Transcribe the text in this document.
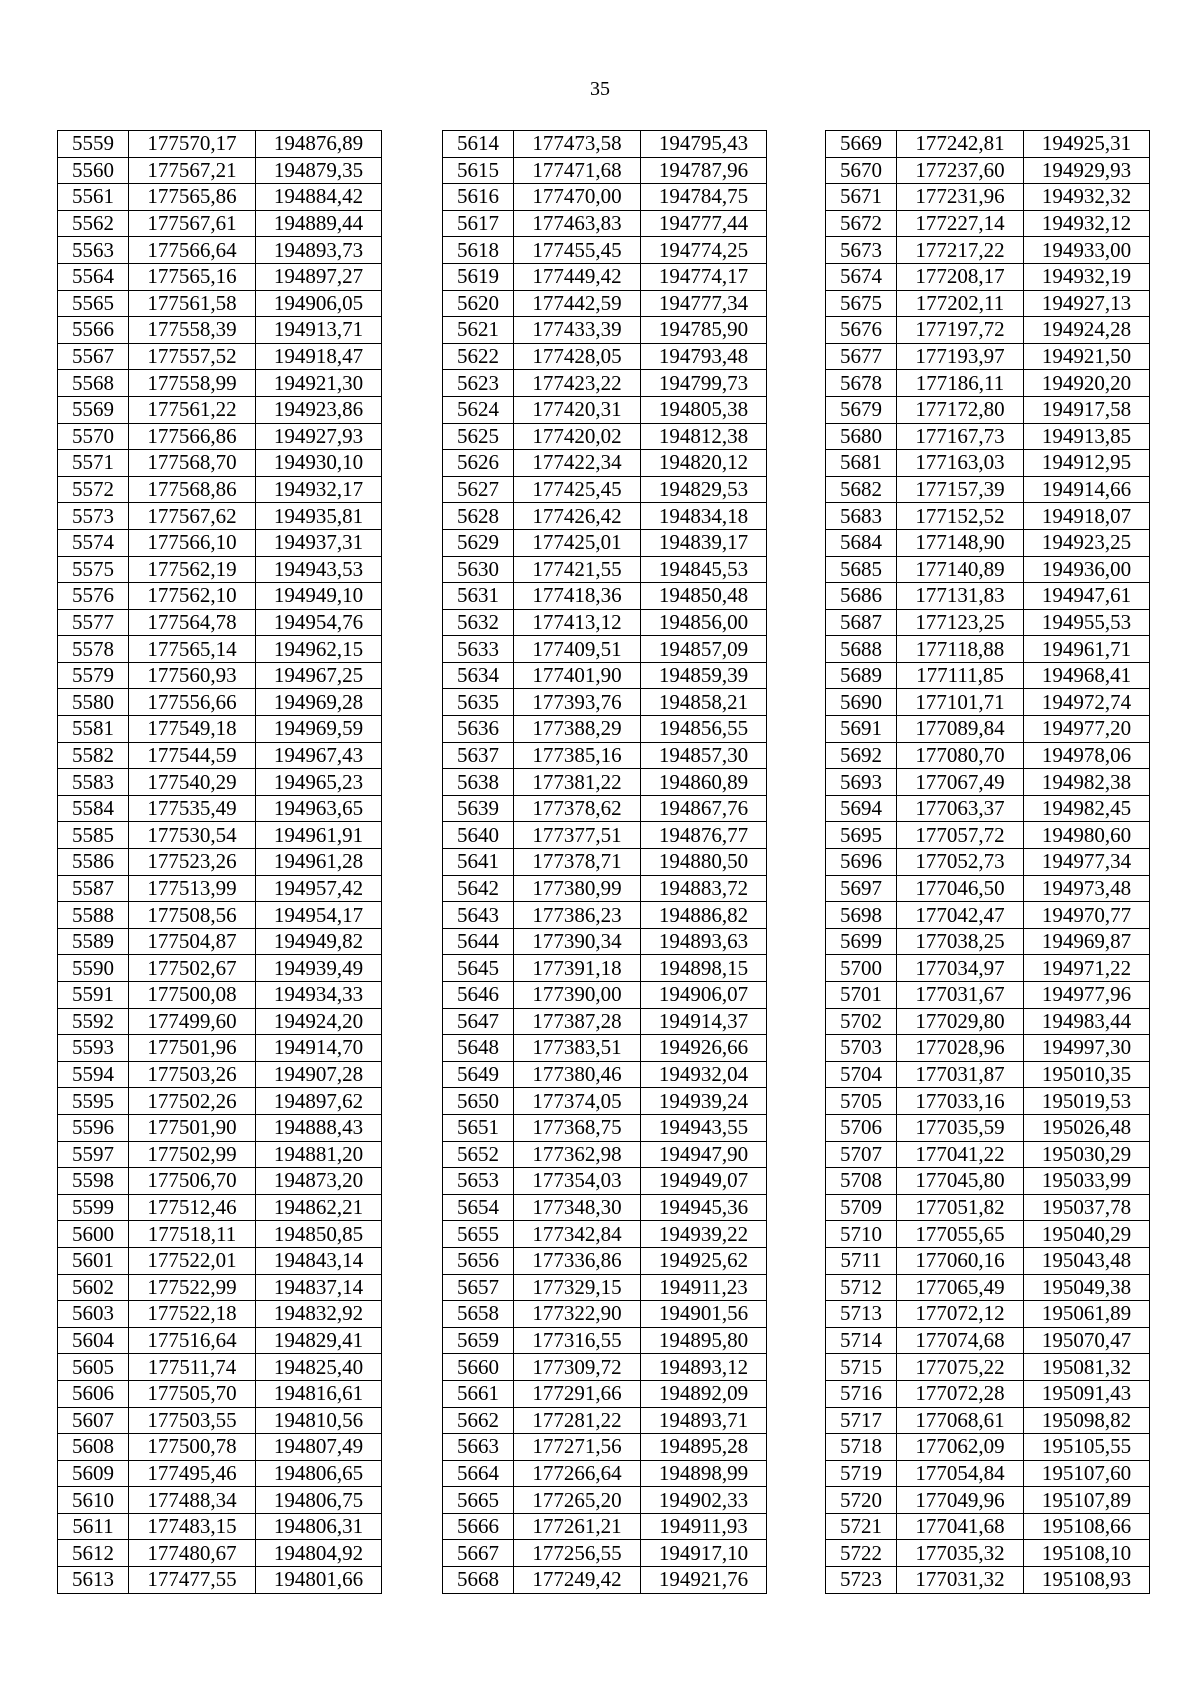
35
5559	177570,17	194876,89
5560	177567,21	194879,35
5561	177565,86	194884,42
5562	177567,61	194889,44
5563	177566,64	194893,73
5564	177565,16	194897,27
5565	177561,58	194906,05
5566	177558,39	194913,71
5567	177557,52	194918,47
5568	177558,99	194921,30
5569	177561,22	194923,86
5570	177566,86	194927,93
5571	177568,70	194930,10
5572	177568,86	194932,17
5573	177567,62	194935,81
5574	177566,10	194937,31
5575	177562,19	194943,53
5576	177562,10	194949,10
5577	177564,78	194954,76
5578	177565,14	194962,15
5579	177560,93	194967,25
5580	177556,66	194969,28
5581	177549,18	194969,59
5582	177544,59	194967,43
5583	177540,29	194965,23
5584	177535,49	194963,65
5585	177530,54	194961,91
5586	177523,26	194961,28
5587	177513,99	194957,42
5588	177508,56	194954,17
5589	177504,87	194949,82
5590	177502,67	194939,49
5591	177500,08	194934,33
5592	177499,60	194924,20
5593	177501,96	194914,70
5594	177503,26	194907,28
5595	177502,26	194897,62
5596	177501,90	194888,43
5597	177502,99	194881,20
5598	177506,70	194873,20
5599	177512,46	194862,21
5600	177518,11	194850,85
5601	177522,01	194843,14
5602	177522,99	194837,14
5603	177522,18	194832,92
5604	177516,64	194829,41
5605	177511,74	194825,40
5606	177505,70	194816,61
5607	177503,55	194810,56
5608	177500,78	194807,49
5609	177495,46	194806,65
5610	177488,34	194806,75
5611	177483,15	194806,31
5612	177480,67	194804,92
5613	177477,55	194801,66
5614	177473,58	194795,43
5615	177471,68	194787,96
5616	177470,00	194784,75
5617	177463,83	194777,44
5618	177455,45	194774,25
5619	177449,42	194774,17
5620	177442,59	194777,34
5621	177433,39	194785,90
5622	177428,05	194793,48
5623	177423,22	194799,73
5624	177420,31	194805,38
5625	177420,02	194812,38
5626	177422,34	194820,12
5627	177425,45	194829,53
5628	177426,42	194834,18
5629	177425,01	194839,17
5630	177421,55	194845,53
5631	177418,36	194850,48
5632	177413,12	194856,00
5633	177409,51	194857,09
5634	177401,90	194859,39
5635	177393,76	194858,21
5636	177388,29	194856,55
5637	177385,16	194857,30
5638	177381,22	194860,89
5639	177378,62	194867,76
5640	177377,51	194876,77
5641	177378,71	194880,50
5642	177380,99	194883,72
5643	177386,23	194886,82
5644	177390,34	194893,63
5645	177391,18	194898,15
5646	177390,00	194906,07
5647	177387,28	194914,37
5648	177383,51	194926,66
5649	177380,46	194932,04
5650	177374,05	194939,24
5651	177368,75	194943,55
5652	177362,98	194947,90
5653	177354,03	194949,07
5654	177348,30	194945,36
5655	177342,84	194939,22
5656	177336,86	194925,62
5657	177329,15	194911,23
5658	177322,90	194901,56
5659	177316,55	194895,80
5660	177309,72	194893,12
5661	177291,66	194892,09
5662	177281,22	194893,71
5663	177271,56	194895,28
5664	177266,64	194898,99
5665	177265,20	194902,33
5666	177261,21	194911,93
5667	177256,55	194917,10
5668	177249,42	194921,76
5669	177242,81	194925,31
5670	177237,60	194929,93
5671	177231,96	194932,32
5672	177227,14	194932,12
5673	177217,22	194933,00
5674	177208,17	194932,19
5675	177202,11	194927,13
5676	177197,72	194924,28
5677	177193,97	194921,50
5678	177186,11	194920,20
5679	177172,80	194917,58
5680	177167,73	194913,85
5681	177163,03	194912,95
5682	177157,39	194914,66
5683	177152,52	194918,07
5684	177148,90	194923,25
5685	177140,89	194936,00
5686	177131,83	194947,61
5687	177123,25	194955,53
5688	177118,88	194961,71
5689	177111,85	194968,41
5690	177101,71	194972,74
5691	177089,84	194977,20
5692	177080,70	194978,06
5693	177067,49	194982,38
5694	177063,37	194982,45
5695	177057,72	194980,60
5696	177052,73	194977,34
5697	177046,50	194973,48
5698	177042,47	194970,77
5699	177038,25	194969,87
5700	177034,97	194971,22
5701	177031,67	194977,96
5702	177029,80	194983,44
5703	177028,96	194997,30
5704	177031,87	195010,35
5705	177033,16	195019,53
5706	177035,59	195026,48
5707	177041,22	195030,29
5708	177045,80	195033,99
5709	177051,82	195037,78
5710	177055,65	195040,29
5711	177060,16	195043,48
5712	177065,49	195049,38
5713	177072,12	195061,89
5714	177074,68	195070,47
5715	177075,22	195081,32
5716	177072,28	195091,43
5717	177068,61	195098,82
5718	177062,09	195105,55
5719	177054,84	195107,60
5720	177049,96	195107,89
5721	177041,68	195108,66
5722	177035,32	195108,10
5723	177031,32	195108,93
